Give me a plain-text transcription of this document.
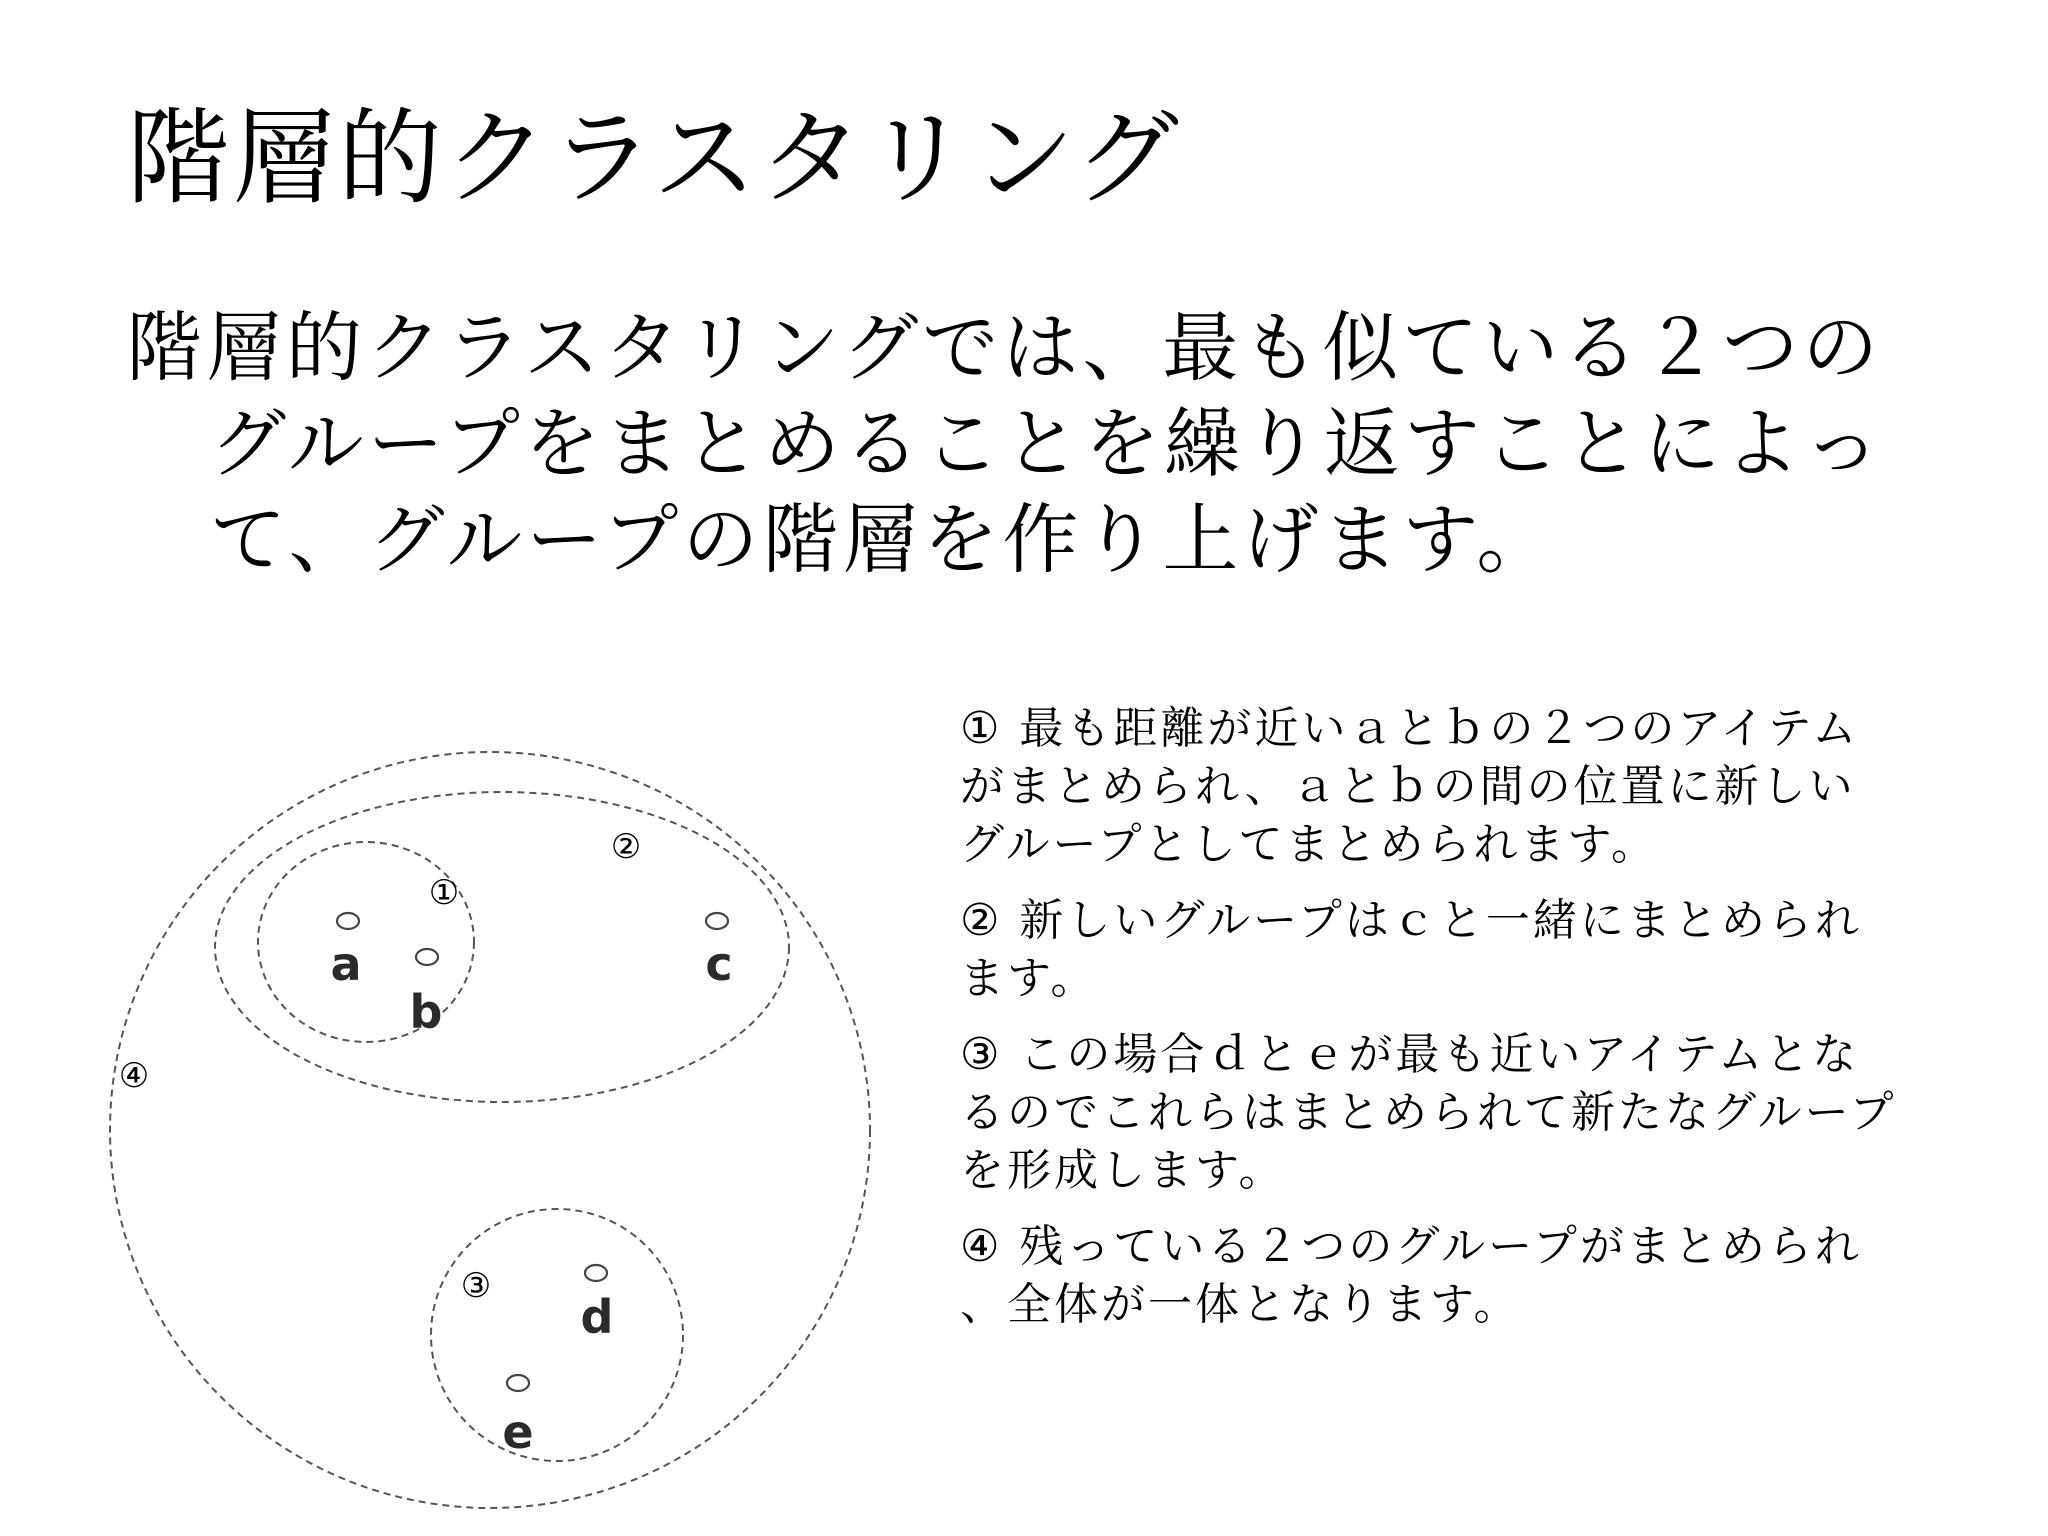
階層的クラスタリング

階層的クラスタリングでは、最も似ている２つの
グループをまとめることを繰り返すことによっ
て、グループの階層を作り上げます。

a
b
c
d
e
①
②
③
④
① 最も距離が近いａとｂの２つのアイテム
がまとめられ、ａとｂの間の位置に新しい
グループとしてまとめられます。
② 新しいグループはｃと一緒にまとめられ
ます。
③ この場合ｄとｅが最も近いアイテムとな
るのでこれらはまとめられて新たなグループ
を形成します。
④ 残っている２つのグループがまとめられ
、全体が一体となります。
